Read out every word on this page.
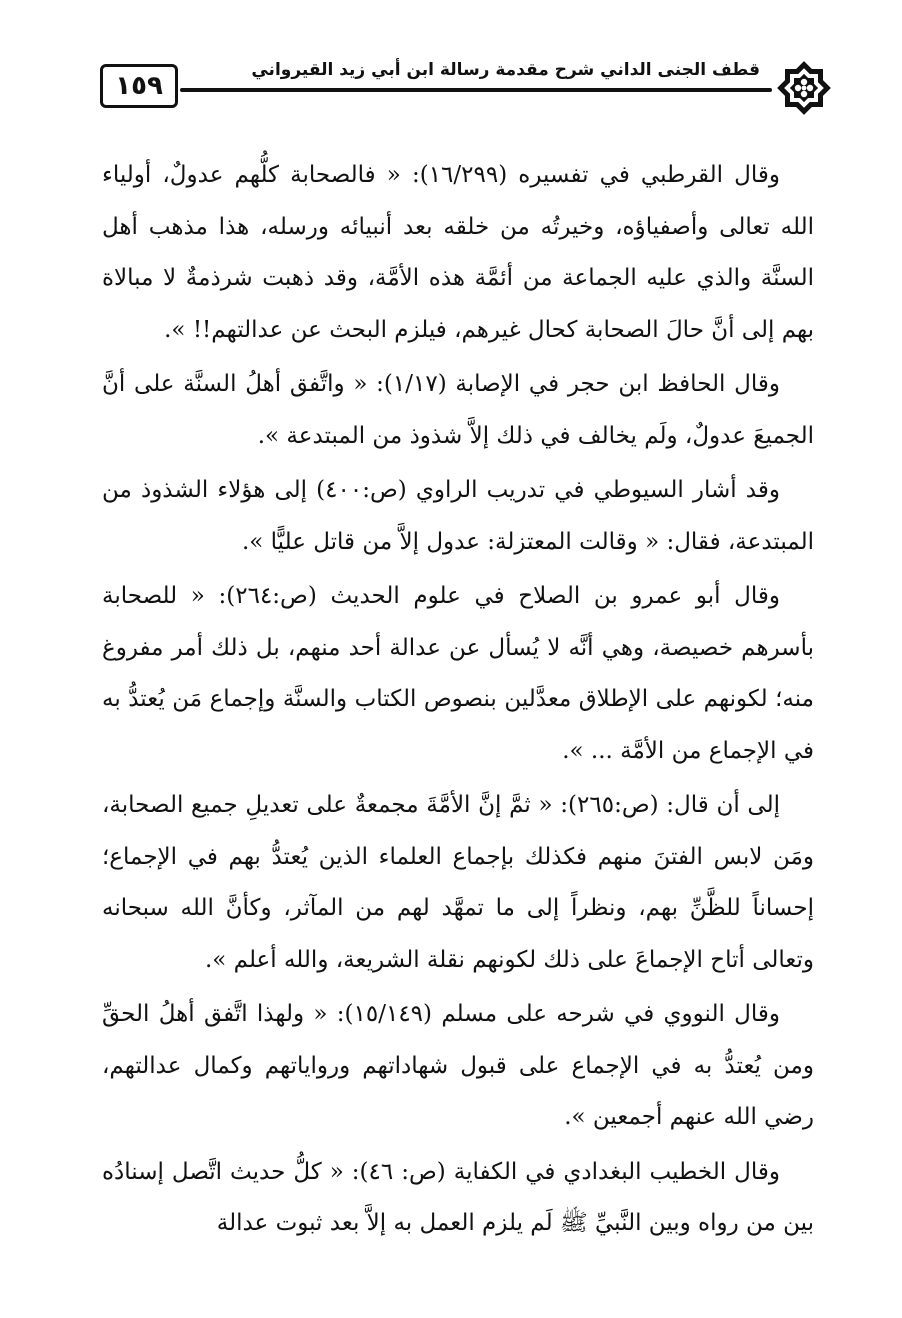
قطف الجنى الداني شرح مقدمة رسالة ابن أبي زيد القيرواني
١٥٩

وقال القرطبي في تفسيره (١٦/٢٩٩): « فالصحابة كلُّهم عدولٌ، أولياء الله تعالى وأصفياؤه، وخيرتُه من خلقه بعد أنبيائه ورسله، هذا مذهب أهل السنَّة والذي عليه الجماعة من أئمَّة هذه الأمَّة، وقد ذهبت شرذمةٌ لا مبالاة بهم إلى أنَّ حالَ الصحابة كحال غيرهم، فيلزم البحث عن عدالتهم!! ».

وقال الحافظ ابن حجر في الإصابة (١/١٧): « واتَّفق أهلُ السنَّة على أنَّ الجميعَ عدولٌ، ولَم يخالف في ذلك إلاَّ شذوذ من المبتدعة ».

وقد أشار السيوطي في تدريب الراوي (ص:٤٠٠) إلى هؤلاء الشذوذ من المبتدعة، فقال: « وقالت المعتزلة: عدول إلاَّ من قاتل عليًّا ».

وقال أبو عمرو بن الصلاح في علوم الحديث (ص:٢٦٤): « للصحابة بأسرهم خصيصة، وهي أنَّه لا يُسأل عن عدالة أحد منهم، بل ذلك أمر مفروغ منه؛ لكونهم على الإطلاق معدَّلين بنصوص الكتاب والسنَّة وإجماع مَن يُعتدُّ به في الإجماع من الأمَّة ... ».

إلى أن قال: (ص:٢٦٥): « ثمَّ إنَّ الأمَّةَ مجمعةٌ على تعديلِ جميع الصحابة، ومَن لابس الفتنَ منهم فكذلك بإجماع العلماء الذين يُعتدُّ بهم في الإجماع؛ إحساناً للظَّنِّ بهم، ونظراً إلى ما تمهَّد لهم من المآثر، وكأنَّ الله سبحانه وتعالى أتاح الإجماعَ على ذلك لكونهم نقلة الشريعة، والله أعلم ».

وقال النووي في شرحه على مسلم (١٥/١٤٩): « ولهذا اتَّفق أهلُ الحقِّ ومن يُعتدُّ به في الإجماع على قبول شهاداتهم ورواياتهم وكمال عدالتهم، رضي الله عنهم أجمعين ».

وقال الخطيب البغدادي في الكفاية (ص: ٤٦): « كلُّ حديث اتَّصل إسنادُه بين من رواه وبين النَّبيِّ ﷺ لَم يلزم العمل به إلاَّ بعد ثبوت عدالة
